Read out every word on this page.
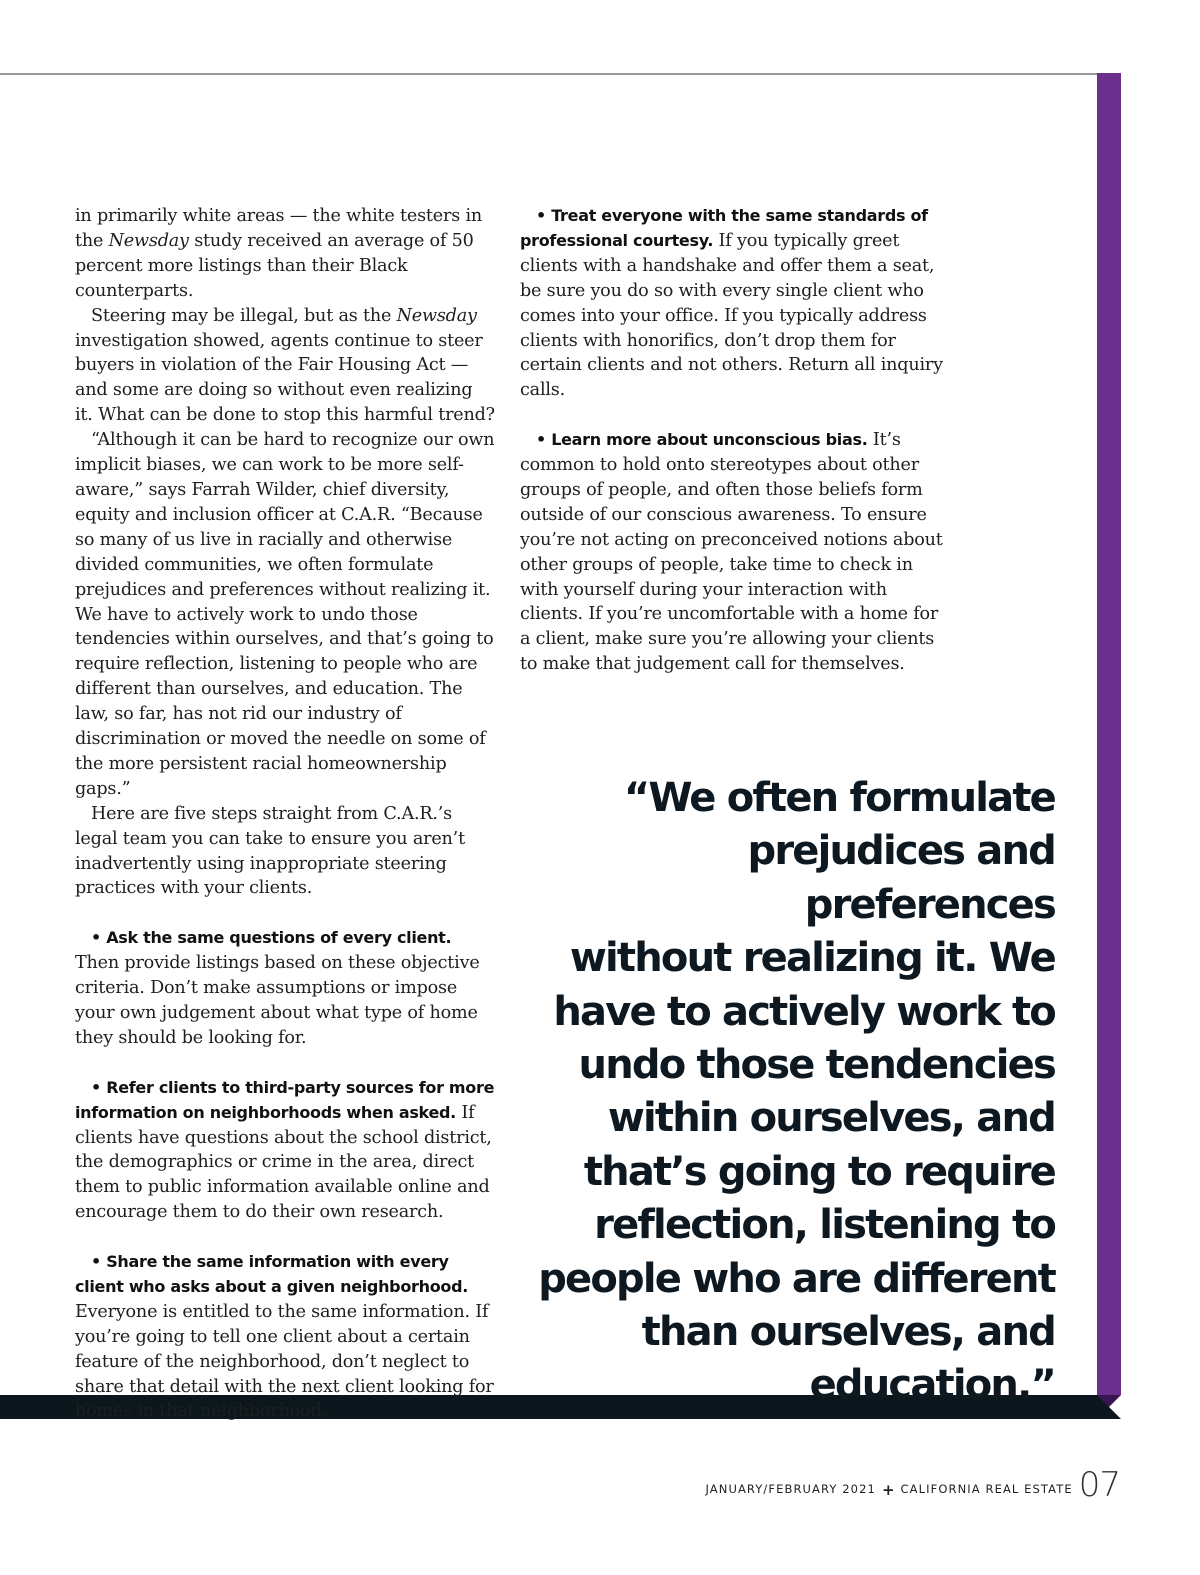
in primarily white areas — the white testers in the Newsday study received an average of 50 percent more listings than their Black counterparts.

Steering may be illegal, but as the Newsday investigation showed, agents continue to steer buyers in violation of the Fair Housing Act — and some are doing so without even realizing it. What can be done to stop this harmful trend?

“Although it can be hard to recognize our own implicit biases, we can work to be more self-aware,” says Farrah Wilder, chief diversity, equity and inclusion officer at C.A.R. “Because so many of us live in racially and otherwise divided communities, we often formulate prejudices and preferences without realizing it. We have to actively work to undo those tendencies within ourselves, and that’s going to require reflection, listening to people who are different than ourselves, and education. The law, so far, has not rid our industry of discrimination or moved the needle on some of the more persistent racial homeownership gaps.”

Here are five steps straight from C.A.R.’s legal team you can take to ensure you aren’t inadvertently using inappropriate steering practices with your clients.

• Ask the same questions of every client. Then provide listings based on these objective criteria. Don’t make assumptions or impose your own judgement about what type of home they should be looking for.

• Refer clients to third-party sources for more information on neighborhoods when asked. If clients have questions about the school district, the demographics or crime in the area, direct them to public information available online and encourage them to do their own research.

• Share the same information with every client who asks about a given neighborhood. Everyone is entitled to the same information. If you’re going to tell one client about a certain feature of the neighborhood, don’t neglect to share that detail with the next client looking for homes in that neighborhood.

• Treat everyone with the same standards of professional courtesy. If you typically greet clients with a handshake and offer them a seat, be sure you do so with every single client who comes into your office. If you typically address clients with honorifics, don’t drop them for certain clients and not others. Return all inquiry calls.

• Learn more about unconscious bias. It’s common to hold onto stereotypes about other groups of people, and often those beliefs form outside of our conscious awareness. To ensure you’re not acting on preconceived notions about other groups of people, take time to check in with yourself during your interaction with clients. If you’re uncomfortable with a home for a client, make sure you’re allowing your clients to make that judgement call for themselves.

“We often formulate
prejudices and preferences
without realizing it. We
have to actively work to
undo those tendencies
within ourselves, and
that’s going to require
reflection, listening to
people who are different
than ourselves, and
education.”
JANUARY/FEBRUARY 2021 + CALIFORNIA REAL ESTATE 07
